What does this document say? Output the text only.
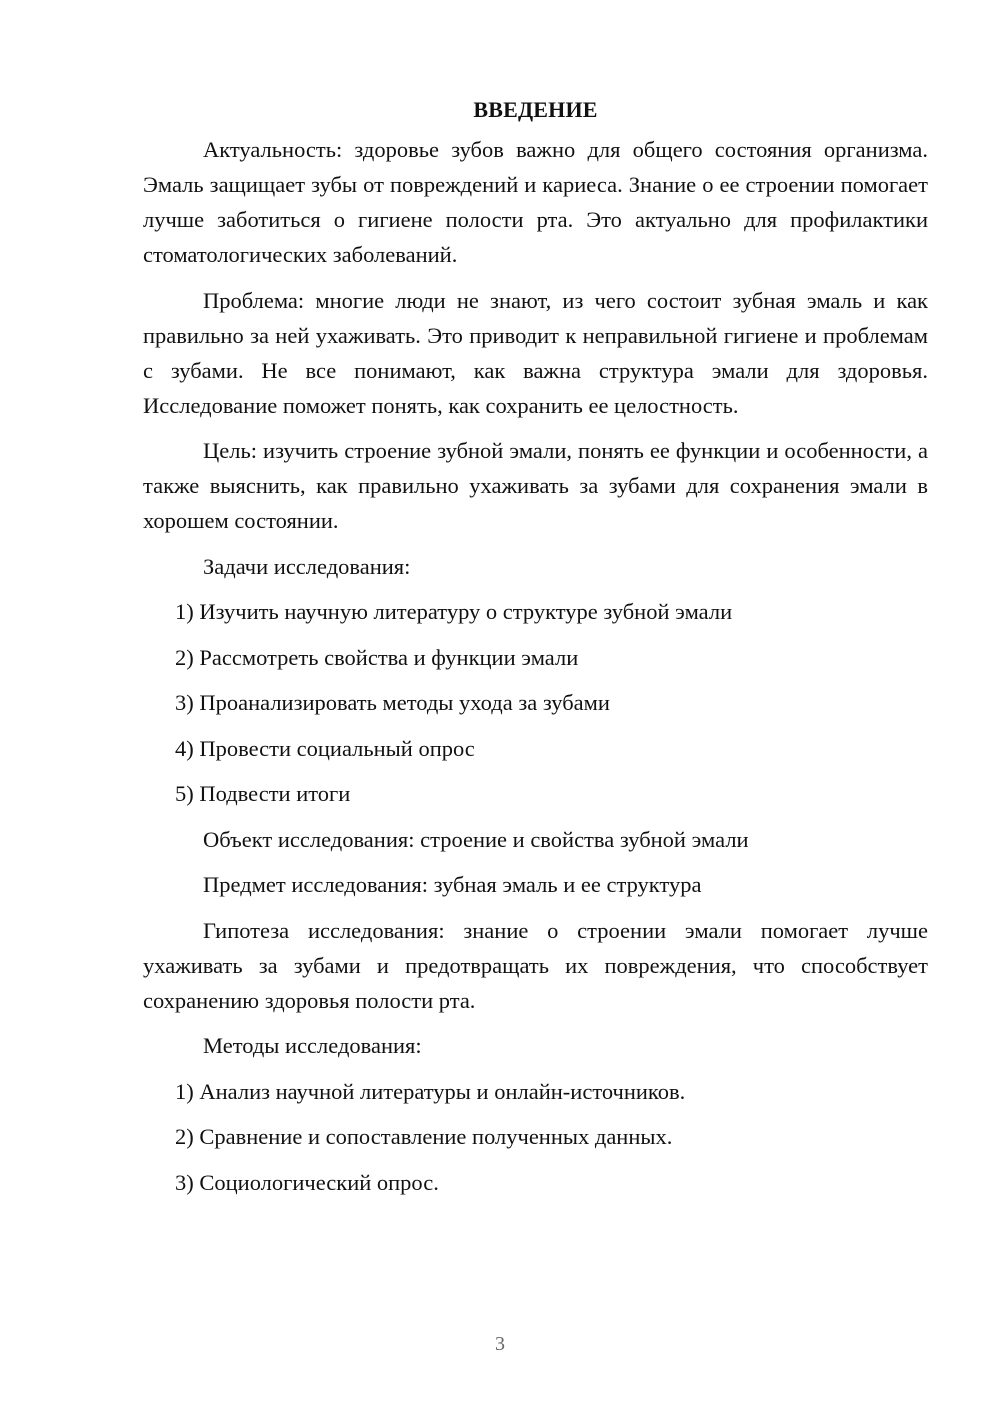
ВВЕДЕНИЕ

Актуальность: здоровье зубов важно для общего состояния организма. Эмаль защищает зубы от повреждений и кариеса. Знание о ее строении помогает лучше заботиться о гигиене полости рта. Это актуально для профилактики стоматологических заболеваний.

Проблема: многие люди не знают, из чего состоит зубная эмаль и как правильно за ней ухаживать. Это приводит к неправильной гигиене и проблемам с зубами. Не все понимают, как важна структура эмали для здоровья. Исследование поможет понять, как сохранить ее целостность.

Цель: изучить строение зубной эмали, понять ее функции и особенности, а также выяснить, как правильно ухаживать за зубами для сохранения эмали в хорошем состоянии.

Задачи исследования:
1) Изучить научную литературу о структуре зубной эмали
2) Рассмотреть свойства и функции эмали
3) Проанализировать методы ухода за зубами
4) Провести социальный опрос
5) Подвести итоги
Объект исследования: строение и свойства зубной эмали
Предмет исследования: зубная эмаль и ее структура

Гипотеза исследования: знание о строении эмали помогает лучше ухаживать за зубами и предотвращать их повреждения, что способствует сохранению здоровья полости рта.

Методы исследования:
1) Анализ научной литературы и онлайн-источников.
2) Сравнение и сопоставление полученных данных.
3) Социологический опрос.
3
